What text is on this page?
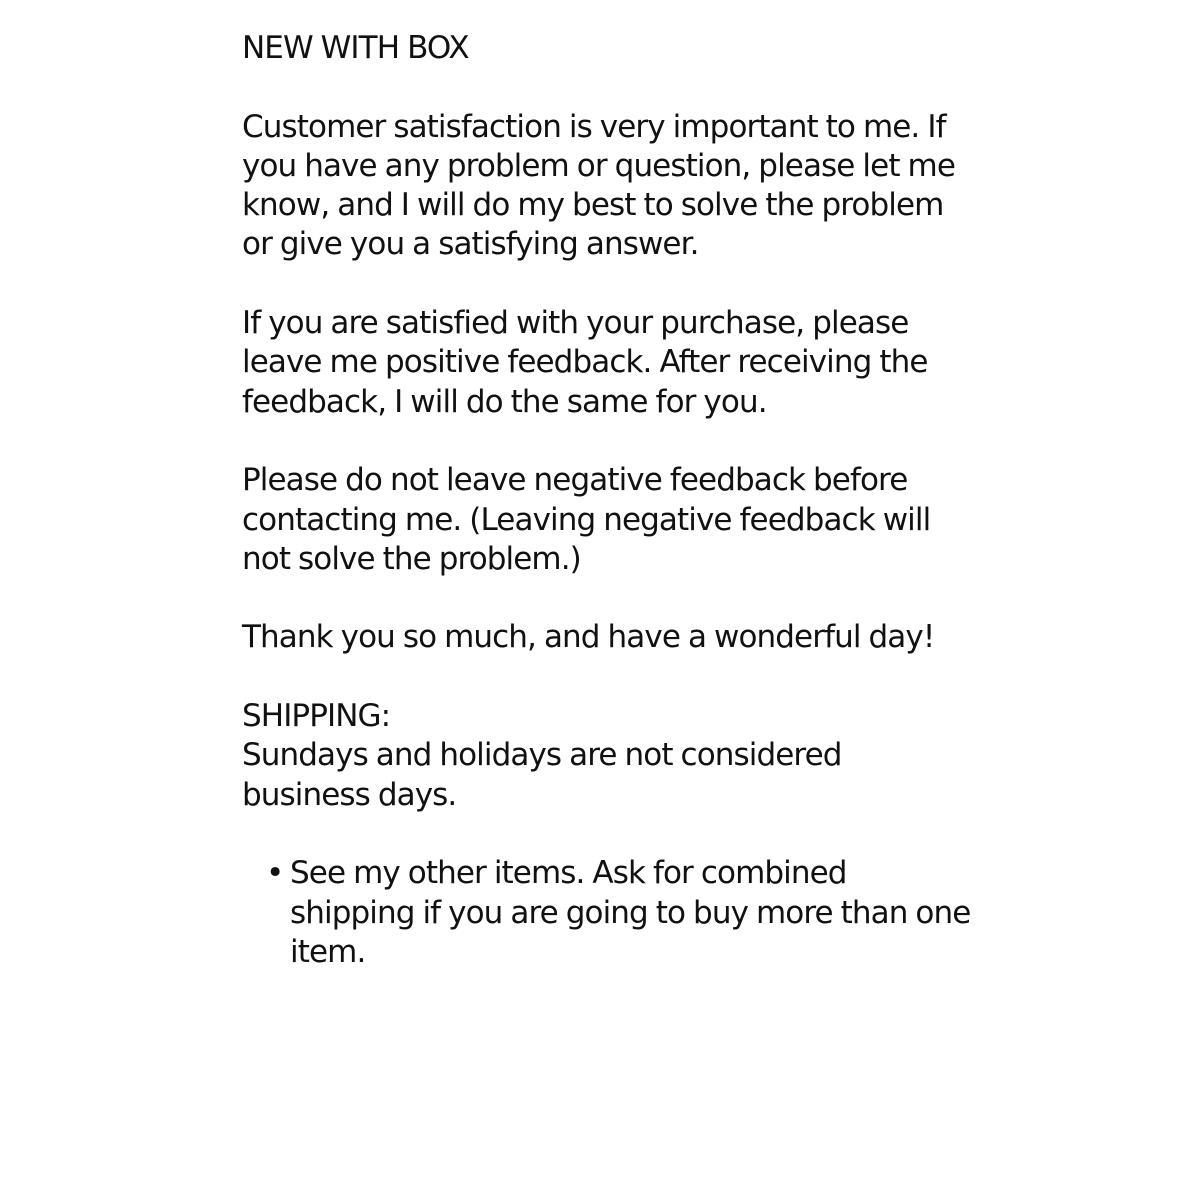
NEW WITH BOX

Customer satisfaction is very important to me. If you have any problem or question, please let me know, and I will do my best to solve the problem or give you a satisfying answer.

If you are satisfied with your purchase, please leave me positive feedback. After receiving the feedback, I will do the same for you.

Please do not leave negative feedback before contacting me. (Leaving negative feedback will not solve the problem.)

Thank you so much, and have a wonderful day!

SHIPPING:

Sundays and holidays are not considered business days.

• See my other items. Ask for combined shipping if you are going to buy more than one item.
